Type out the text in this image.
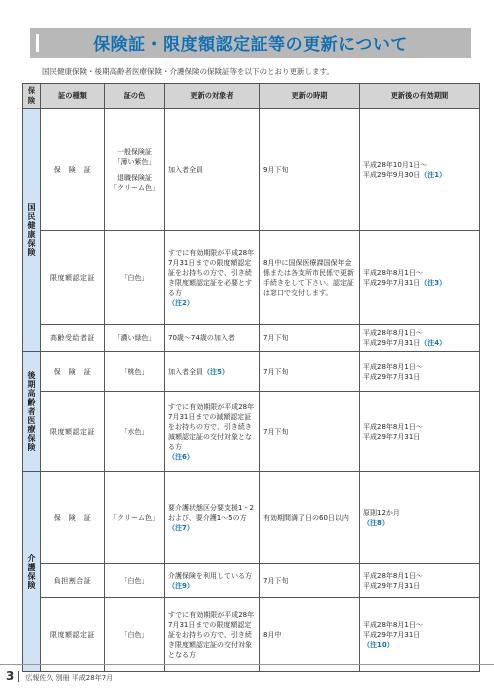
保険証・限度額認定証等の更新について
国民健康保険・後期高齢者医療保険・介護保険の保険証等を以下のとおり更新します。
保険	証の種類	証の色	更新の対象者	更新の時期	更新後の有効期間
国民健康保険	保　険　証	一般保険証
「薄い紫色」
退職保険証
「クリーム色」	加入者全員	9月下旬	平成28年10月1日～
平成29年9月30日（注1）
	限度額認定証	「白色」	すでに有効期限が平成28年7月31日までの限度額認定証をお持ちの方で、引き続き限度額認定証を必要とする方
（注2）	8月中に国保医療課国保年金係または各支所市民係で更新手続きをして下さい。認定証は窓口で交付します。	平成28年8月1日～
平成29年7月31日（注3）
	高齢受給者証	「濃い緑色」	70歳～74歳の加入者	7月下旬	平成28年8月1日～
平成29年7月31日（注4）
後期高齢者医療保険	保　険　証	「桃色」	加入者全員（注5）	7月下旬	平成28年8月1日～
平成29年7月31日

	限度額認定証	「水色」	すでに有効期限が平成28年7月31日までの減額認定証をお持ちの方で、引き続き減額認定証の交付対象となる方
（注6）	7月下旬	平成28年8月1日～
平成29年7月31日

介護保険	保　険　証	「クリーム色」	要介護状態区分要支援1・2および、要介護1～5の方
（注7）	有効期間満了日の60日以内	原則12か月
（注8）

	負担割合証	「白色」	介護保険を利用している方（注9）	7月下旬	平成28年8月1日～
平成29年7月31日

	限度額認定証	「白色」	すでに有効期限が平成28年7月31日までの限度額認定証をお持ちの方で、引き続き限度額認定証の交付対象となる方	8月中	平成28年8月1日～
平成29年7月31日
（注10）
3 広報佐久 別冊 平成28年7月
